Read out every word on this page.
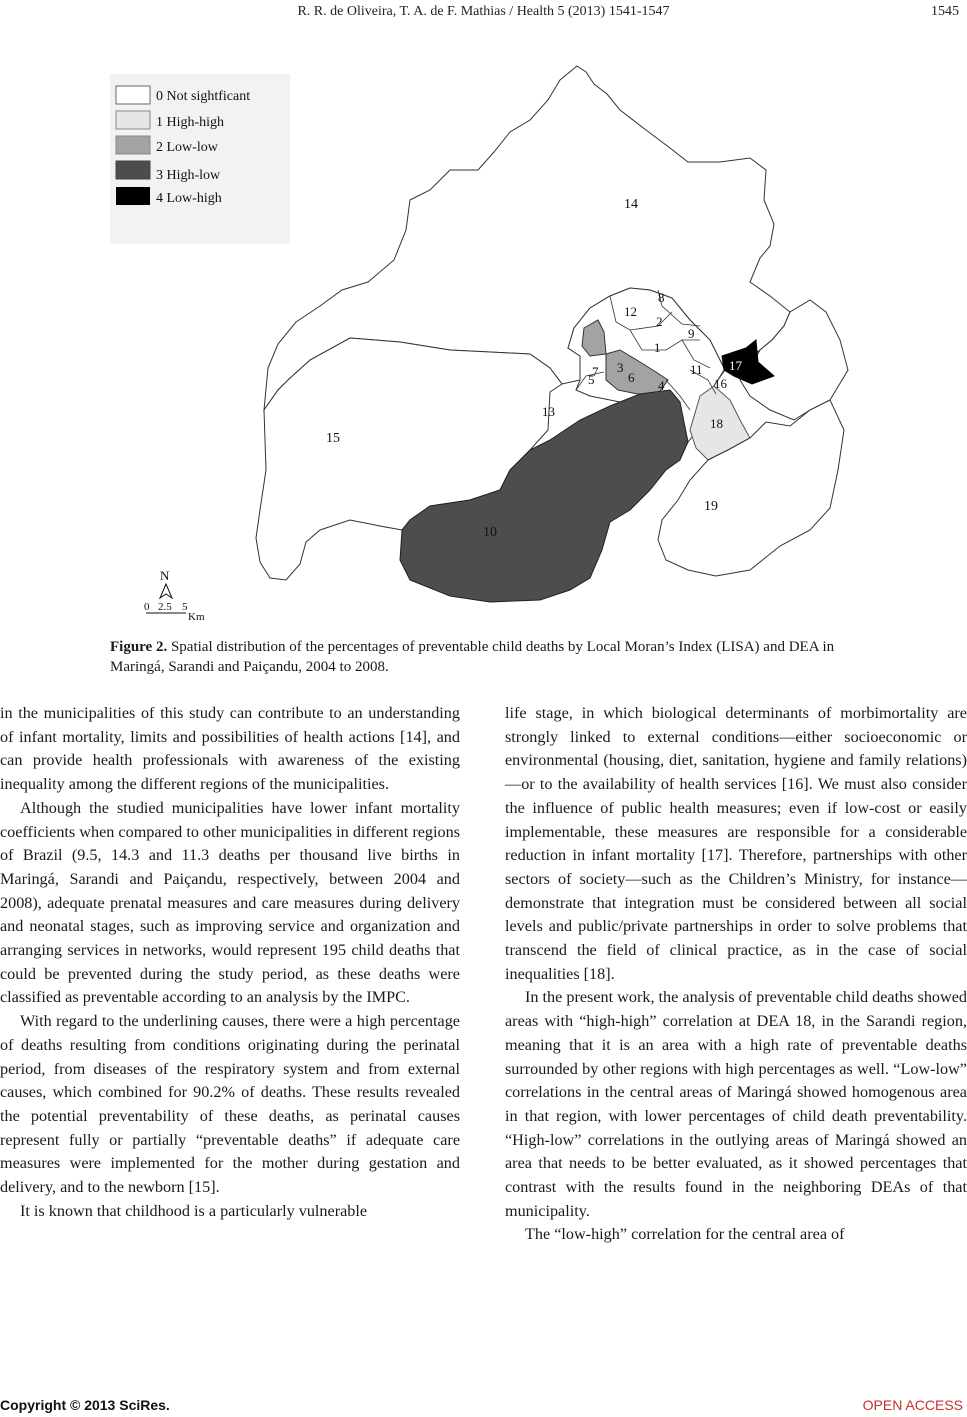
R. R. de Oliveira, T. A. de F. Mathias / Health 5 (2013) 1541-1547	1545
0 Not sightficant
1 High-high
2 Low-low
3 High-low
4 Low-high	14
8
12
2
9
7 3
1
17
11
5	6
4	16
13
18
15
19
10
N
0 2.5 5
Km
Figure 2. Spatial distribution of the percentages of preventable child deaths by Local Moran’s Index (LISA) and DEA in Maringá, Sarandi and Paiçandu, 2004 to 2008.

in the municipalities of this study can contribute to an understanding of infant mortality, limits and possibilities of health actions [14], and can provide health professionals with awareness of the existing inequality among the different regions of the municipalities.

Although the studied municipalities have lower infant mortality coefficients when compared to other municipalities in different regions of Brazil (9.5, 14.3 and 11.3 deaths per thousand live births in Maringá, Sarandi and Paiçandu, respectively, between 2004 and 2008), adequate prenatal measures and care measures during delivery and neonatal stages, such as improving service and organization and arranging services in networks, would represent 195 child deaths that could be prevented during the study period, as these deaths were classified as preventable according to an analysis by the IMPC.

With regard to the underlining causes, there were a high percentage of deaths resulting from conditions originating during the perinatal period, from diseases of the respiratory system and from external causes, which combined for 90.2% of deaths. These results revealed the potential preventability of these deaths, as perinatal causes represent fully or partially “preventable deaths” if adequate care measures were implemented for the mother during gestation and delivery, and to the newborn [15].

It is known that childhood is a particularly vulnerable

life stage, in which biological determinants of morbimortality are strongly linked to external conditions—either socioeconomic or environmental (housing, diet, sanitation, hygiene and family relations)—or to the availability of health services [16]. We must also consider the influence of public health measures; even if low-cost or easily implementable, these measures are responsible for a considerable reduction in infant mortality [17]. Therefore, partnerships with other sectors of society—such as the Children’s Ministry, for instance—demonstrate that integration must be considered between all social levels and public/private partnerships in order to solve problems that transcend the field of clinical practice, as in the case of social inequalities [18].

In the present work, the analysis of preventable child deaths showed areas with “high-high” correlation at DEA 18, in the Sarandi region, meaning that it is an area with a high rate of preventable deaths surrounded by other regions with high percentages as well. “Low-low” correlations in the central areas of Maringá showed homogenous area in that region, with lower percentages of child death preventability. “High-low” correlations in the outlying areas of Maringá showed an area that needs to be better evaluated, as it showed percentages that contrast with the results found in the neighboring DEAs of that municipality.

The “low-high” correlation for the central area of

Copyright © 2013 SciRes.	OPEN ACCESS
